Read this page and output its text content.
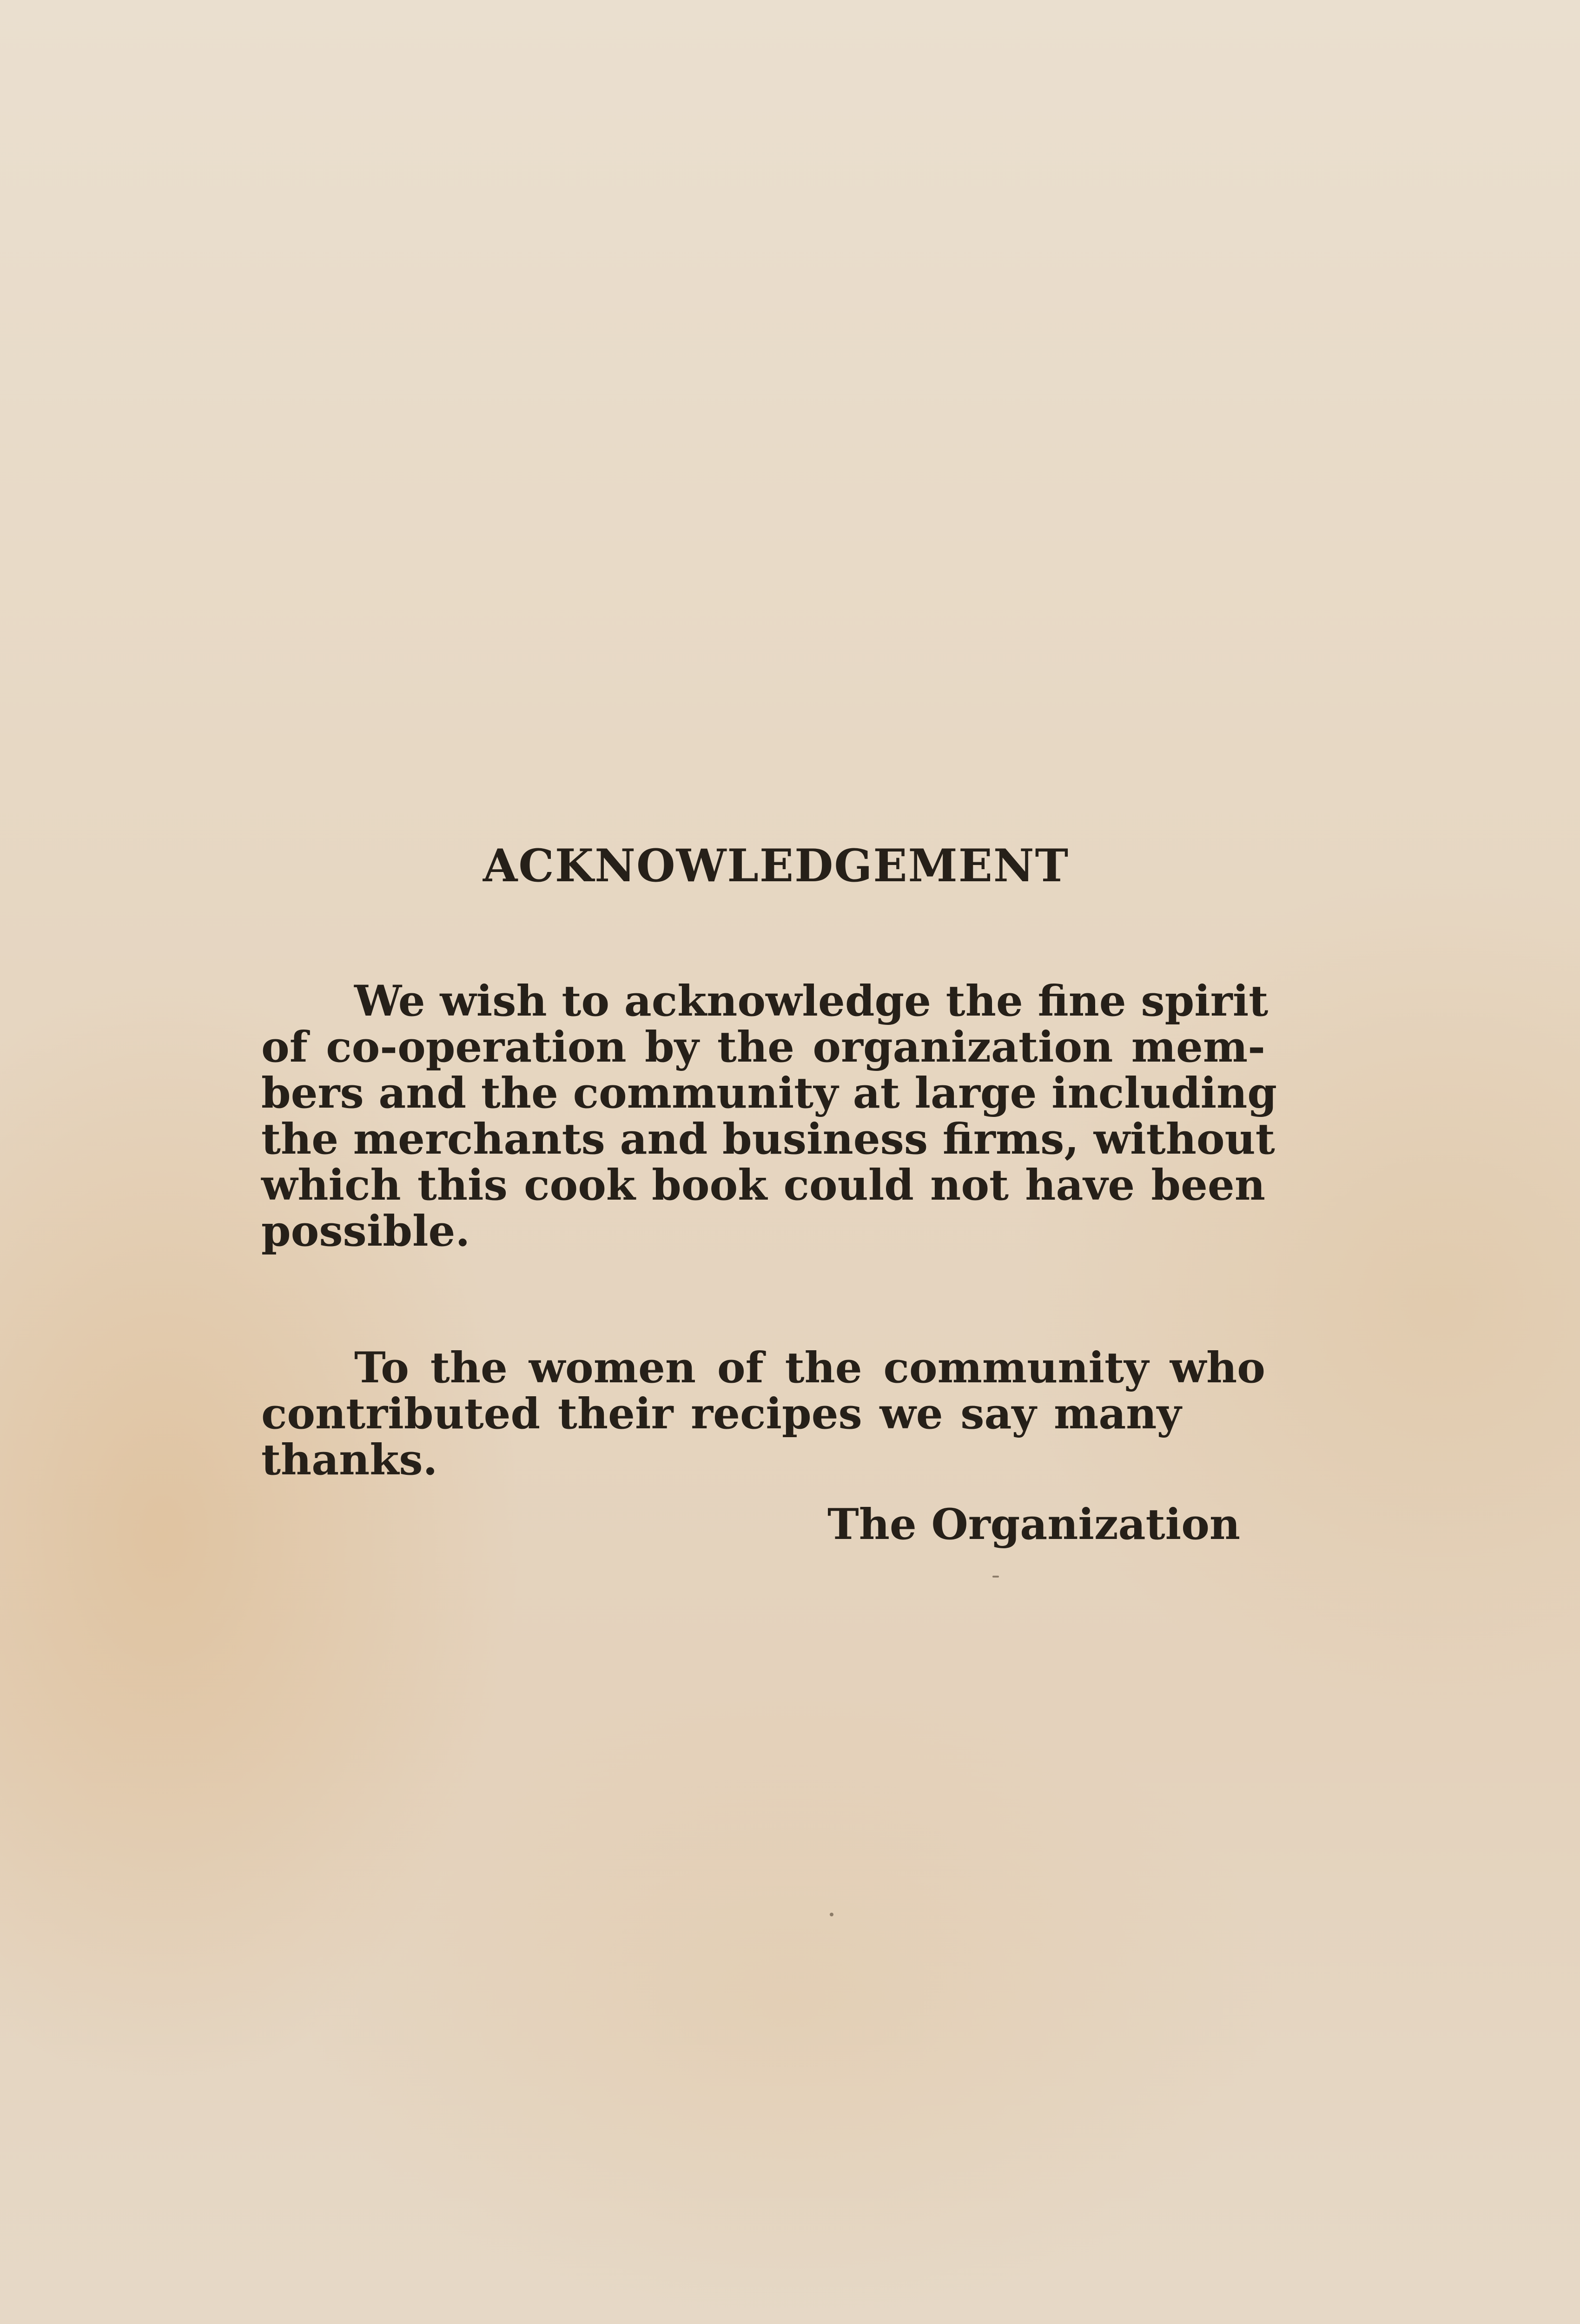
ACKNOWLEDGEMENT

We wish to acknowledge the fine spirit
of co-operation by the organization mem-
bers and the community at large including
the merchants and business firms, without
which this cook book could not have been
possible.

To the women of the community who
contributed their recipes we say many
thanks.

The Organization
